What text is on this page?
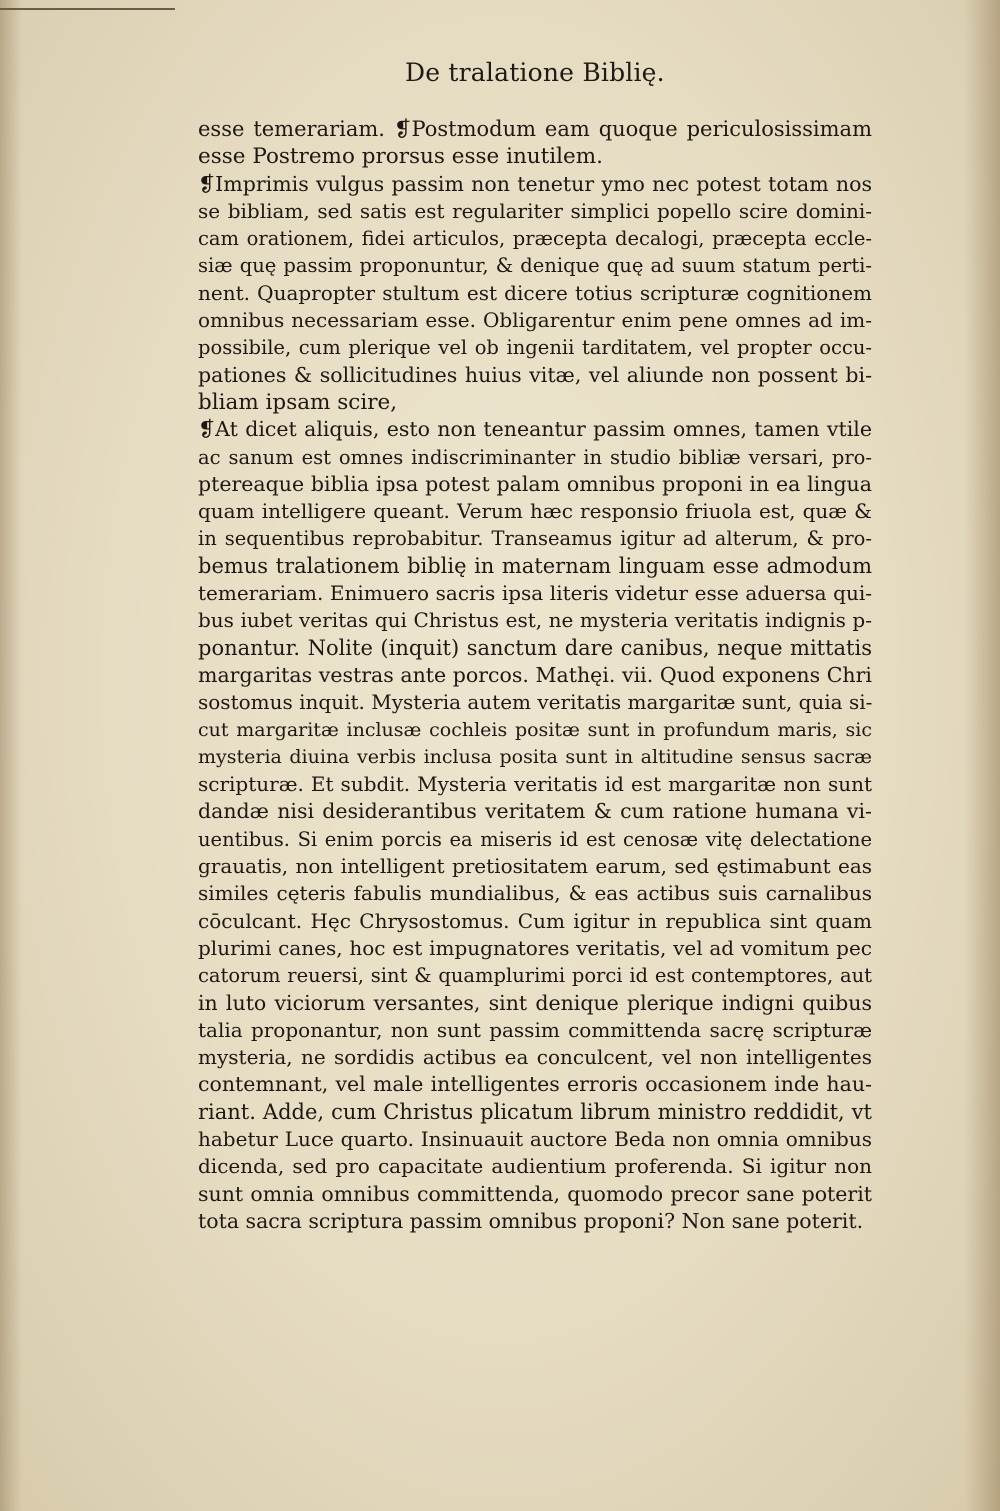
De tralatione Biblię.
esse temerariam. ❡Postmodum eam quoque periculosissimam
esse Postremo prorsus esse inutilem.
❡Imprimis vulgus passim non tenetur ymo nec potest totam nos
se bibliam, sed satis est regulariter simplici popello scire domini-
cam orationem, fidei articulos, præcepta decalogi, præcepta eccle-
siæ quę passim proponuntur, & denique quę ad suum statum perti-
nent. Quapropter stultum est dicere totius scripturæ cognitionem
omnibus necessariam esse. Obligarentur enim pene omnes ad im-
possibile, cum plerique vel ob ingenii tarditatem, vel propter occu-
pationes & sollicitudines huius vitæ, vel aliunde non possent bi-
bliam ipsam scire,
❡At dicet aliquis, esto non teneantur passim omnes, tamen vtile
ac sanum est omnes indiscriminanter in studio bibliæ versari, pro-
ptereaque biblia ipsa potest palam omnibus proponi in ea lingua
quam intelligere queant. Verum hæc responsio friuola est, quæ &
in sequentibus reprobabitur. Transeamus igitur ad alterum, & pro-
bemus tralationem biblię in maternam linguam esse admodum
temerariam. Enimuero sacris ipsa literis videtur esse aduersa qui-
bus iubet veritas qui Christus est, ne mysteria veritatis indignis p-
ponantur. Nolite (inquit) sanctum dare canibus, neque mittatis
margaritas vestras ante porcos. Mathęi. vii. Quod exponens Chri
sostomus inquit. Mysteria autem veritatis margaritæ sunt, quia si-
cut margaritæ inclusæ cochleis positæ sunt in profundum maris, sic
mysteria diuina verbis inclusa posita sunt in altitudine sensus sacræ
scripturæ. Et subdit. Mysteria veritatis id est margaritæ non sunt
dandæ nisi desiderantibus veritatem & cum ratione humana vi-
uentibus. Si enim porcis ea miseris id est cenosæ vitę delectatione
grauatis, non intelligent pretiositatem earum, sed ęstimabunt eas
similes cęteris fabulis mundialibus, & eas actibus suis carnalibus
cōculcant. Hęc Chrysostomus. Cum igitur in republica sint quam
plurimi canes, hoc est impugnatores veritatis, vel ad vomitum pec
catorum reuersi, sint & quamplurimi porci id est contemptores, aut
in luto viciorum versantes, sint denique plerique indigni quibus
talia proponantur, non sunt passim committenda sacrę scripturæ
mysteria, ne sordidis actibus ea conculcent, vel non intelligentes
contemnant, vel male intelligentes erroris occasionem inde hau-
riant. Adde, cum Christus plicatum librum ministro reddidit, vt
habetur Luce quarto. Insinuauit auctore Beda non omnia omnibus
dicenda, sed pro capacitate audientium proferenda. Si igitur non
sunt omnia omnibus committenda, quomodo precor sane poterit
tota sacra scriptura passim omnibus proponi? Non sane poterit.
